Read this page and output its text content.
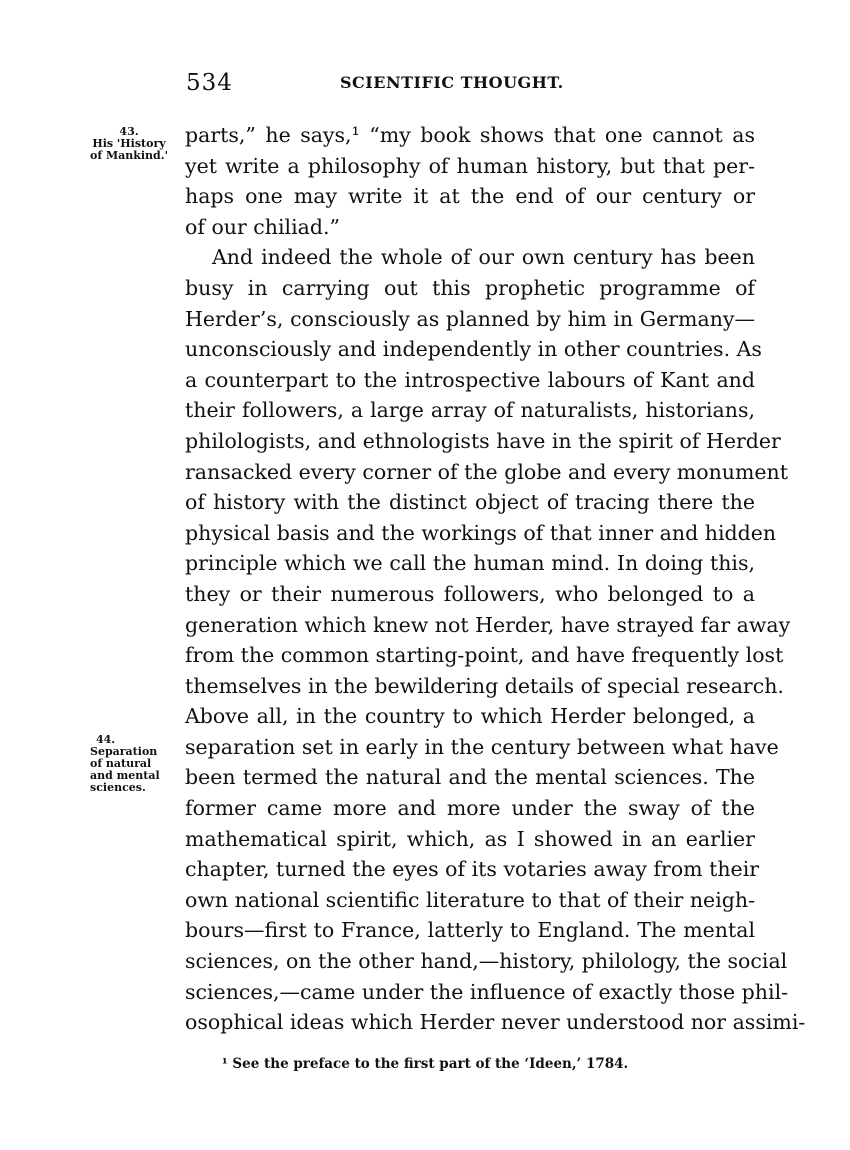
534	SCIENTIFIC THOUGHT.
43.
His 'History
of Mankind.'
44.
Separation
of natural
and mental
sciences.
parts,” he says,¹ “my book shows that one cannot as
yet write a philosophy of human history, but that per-
haps one may write it at the end of our century or
of our chiliad.”
And indeed the whole of our own century has been
busy in carrying out this prophetic programme of
Herder’s, consciously as planned by him in Germany—
unconsciously and independently in other countries. As
a counterpart to the introspective labours of Kant and
their followers, a large array of naturalists, historians,
philologists, and ethnologists have in the spirit of Herder
ransacked every corner of the globe and every monument
of history with the distinct object of tracing there the
physical basis and the workings of that inner and hidden
principle which we call the human mind. In doing this,
they or their numerous followers, who belonged to a
generation which knew not Herder, have strayed far away
from the common starting-point, and have frequently lost
themselves in the bewildering details of special research.
Above all, in the country to which Herder belonged, a
separation set in early in the century between what have
been termed the natural and the mental sciences. The
former came more and more under the sway of the
mathematical spirit, which, as I showed in an earlier
chapter, turned the eyes of its votaries away from their
own national scientific literature to that of their neigh-
bours—first to France, latterly to England. The mental
sciences, on the other hand,—history, philology, the social
sciences,—came under the influence of exactly those phil-
osophical ideas which Herder never understood nor assimi-
¹ See the preface to the first part of the ‘Ideen,’ 1784.
